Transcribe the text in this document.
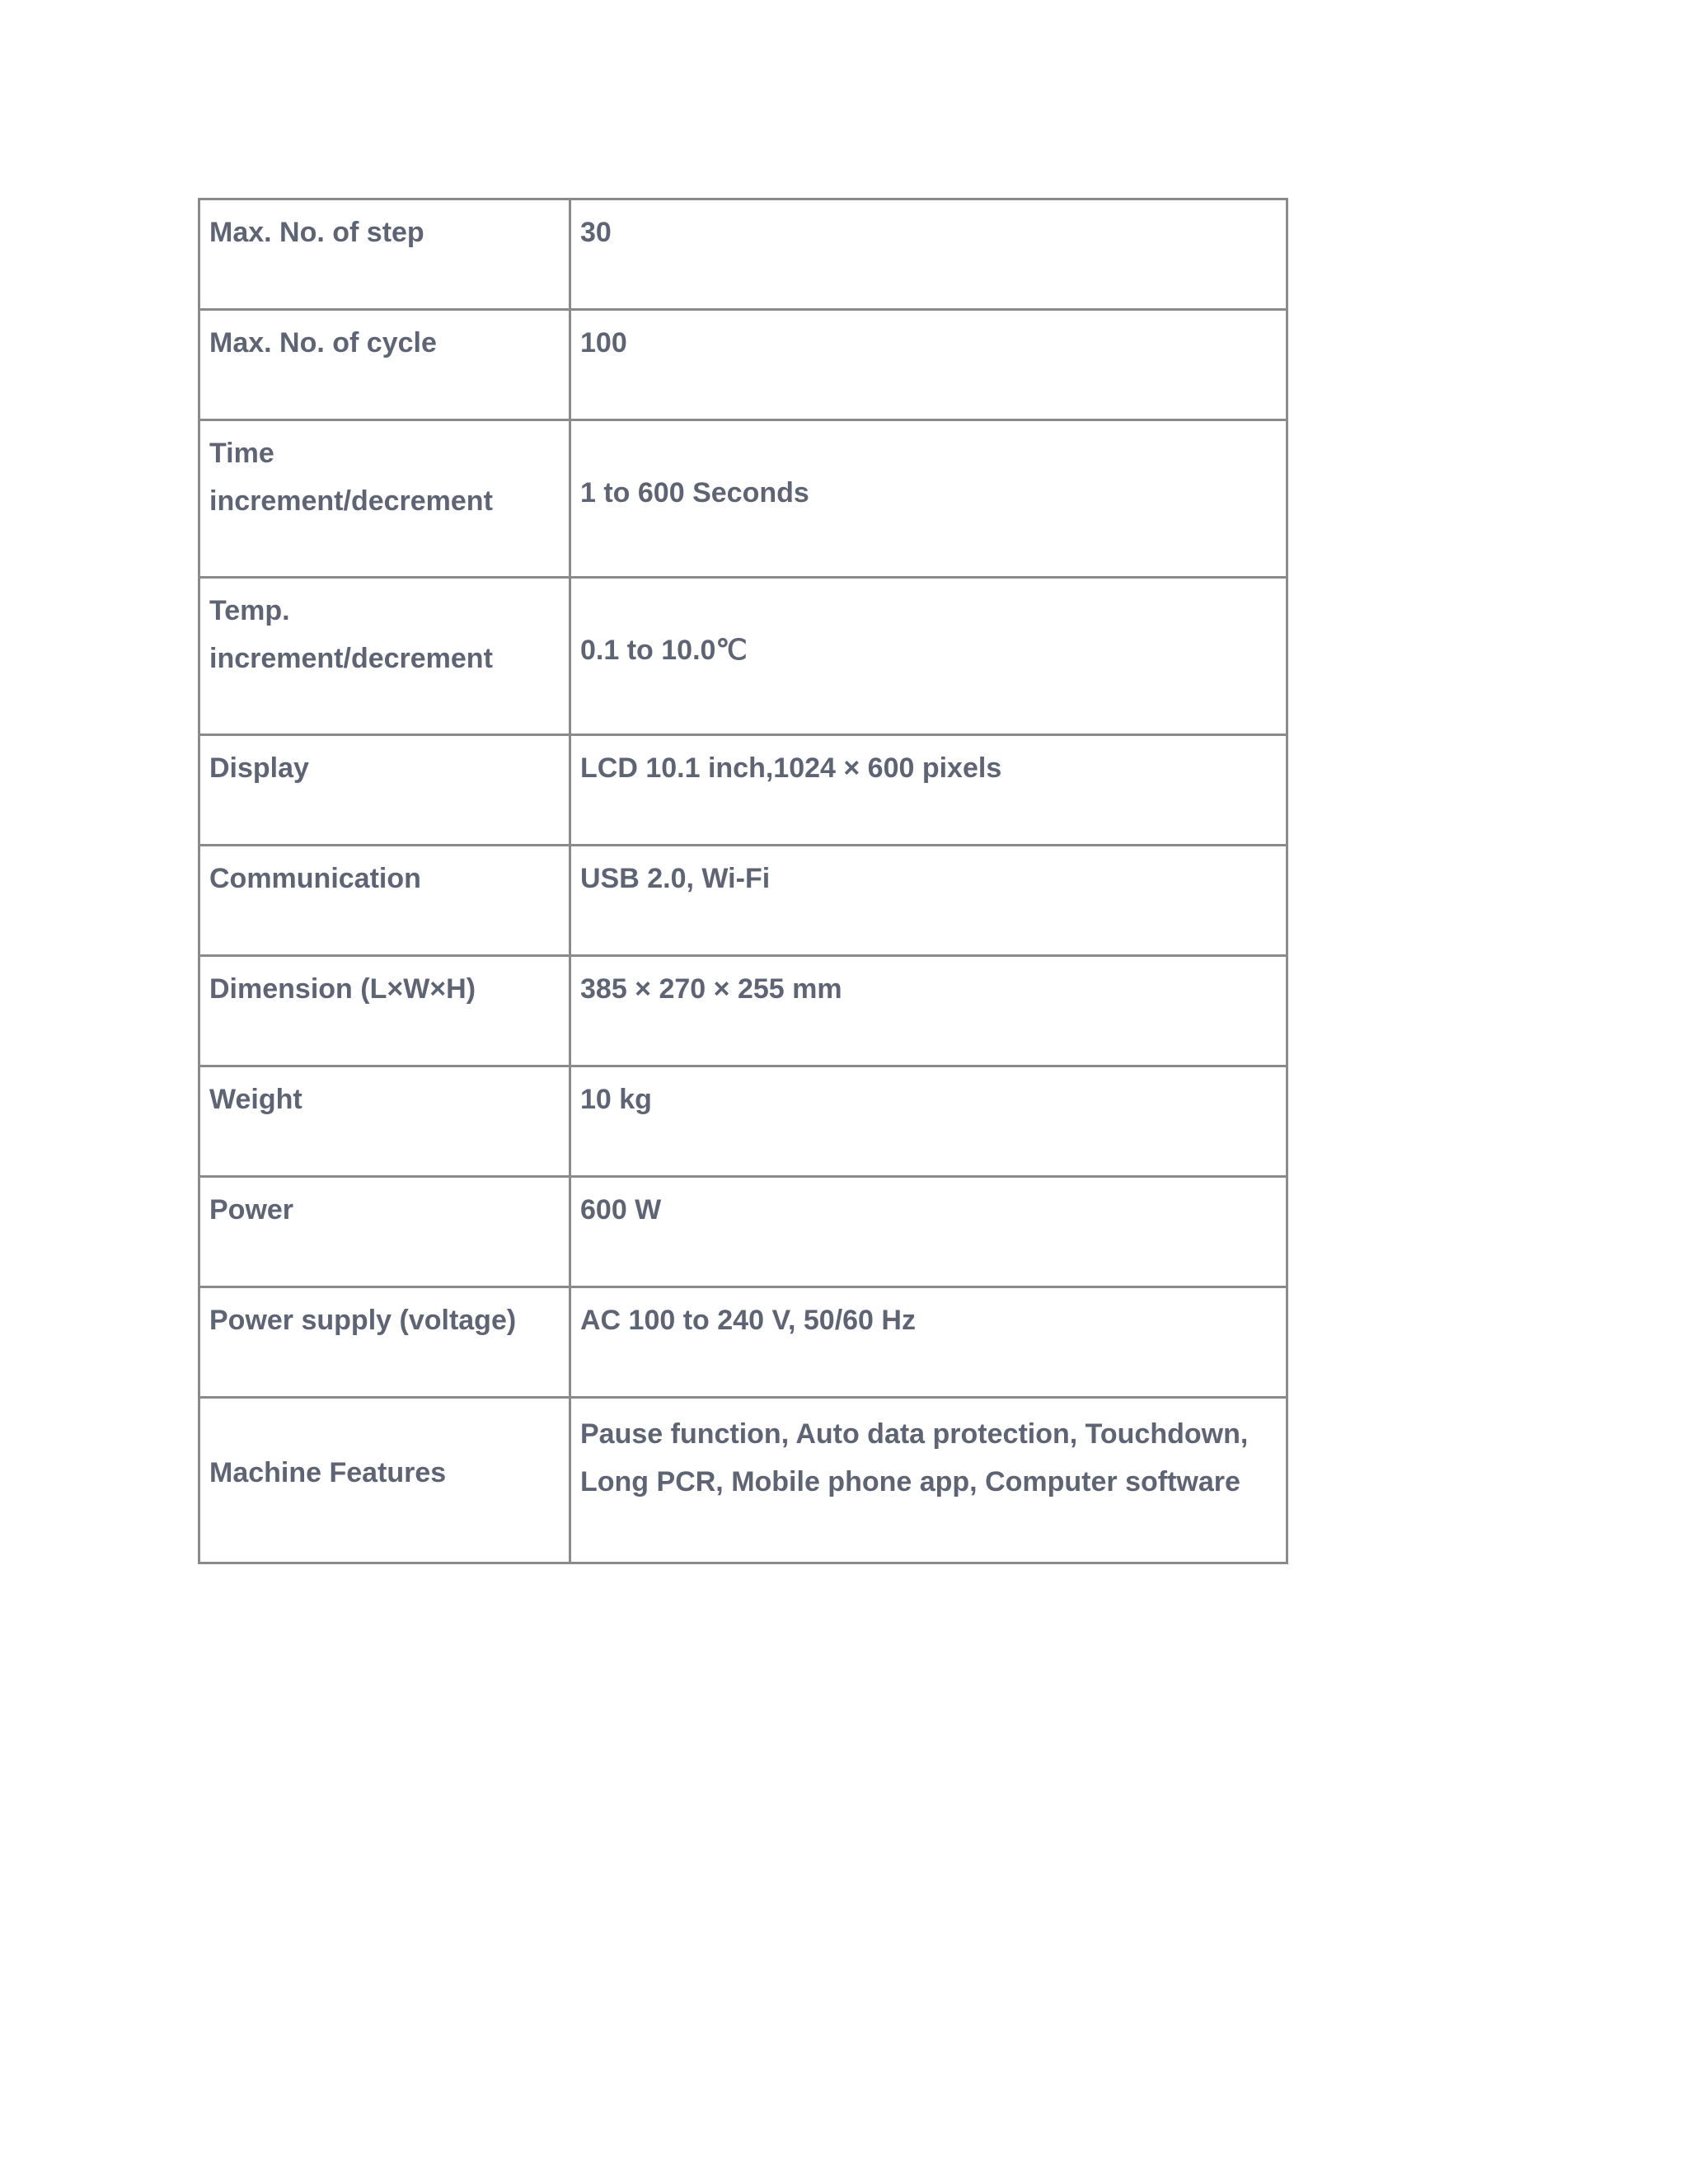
Max. No. of step	30
Max. No. of cycle	100
Time increment/decrement	1 to 600 Seconds
Temp. increment/decrement	0.1 to 10.0℃
Display	LCD 10.1 inch,1024 × 600 pixels
Communication	USB 2.0, Wi-Fi
Dimension (L×W×H)	385 × 270 × 255 mm
Weight	10 kg
Power	600 W
Power supply (voltage)	AC 100 to 240 V, 50/60 Hz
Machine Features	Pause function, Auto data protection, Touchdown, Long PCR, Mobile phone app, Computer software
